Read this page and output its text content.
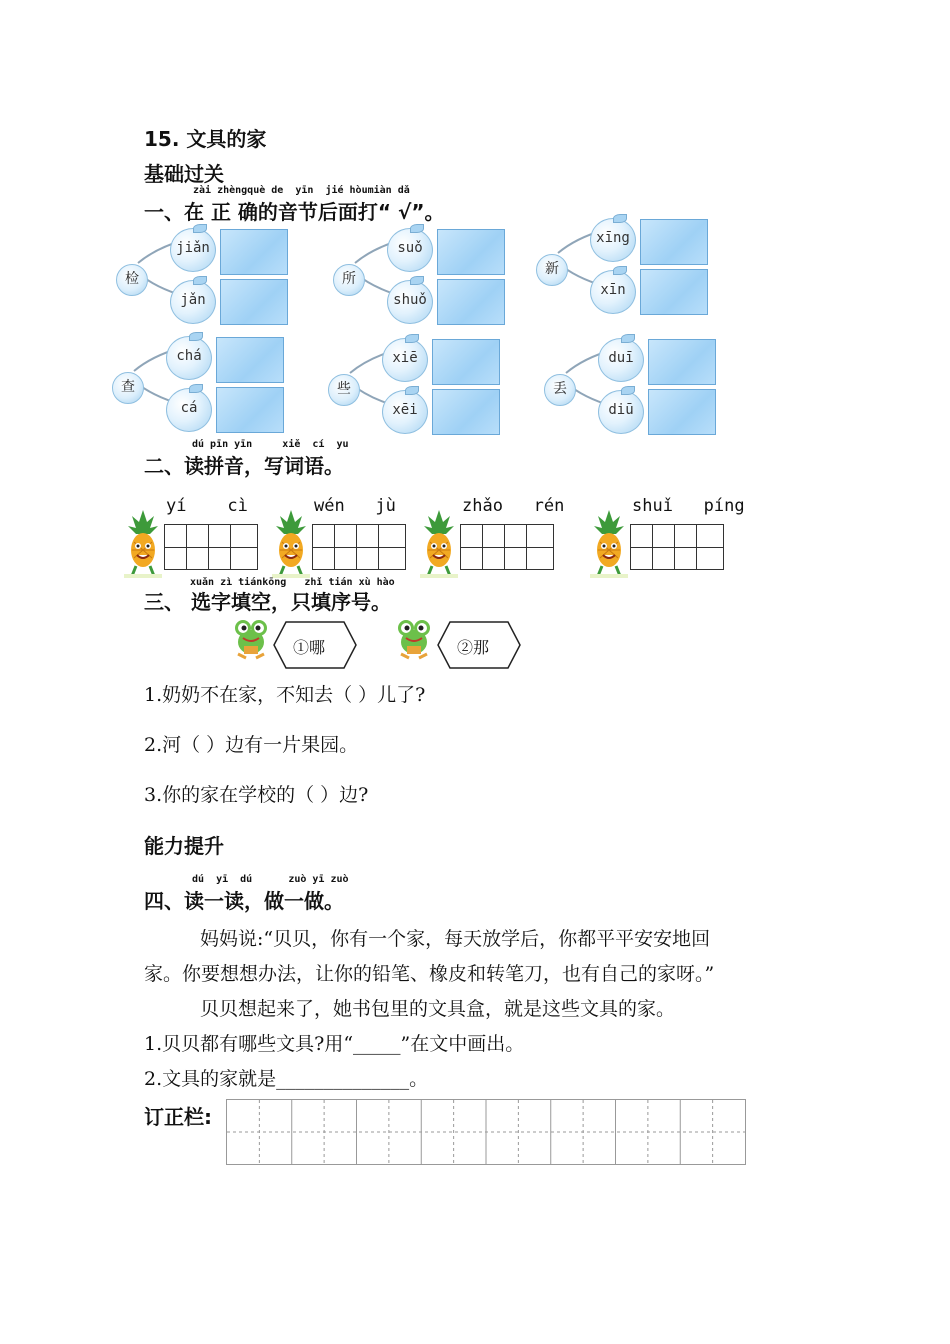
15. 文具的家
基础过关
zài zhèngquè de  yīn  jié hòumiàn dǎ
一、在 正 确的音节后面打“ √”。
检
jiǎn
jǎn
所
suǒ
shuǒ
新
xīng
xīn
查
chá
cá
些
xiē
xēi
丢
duī
diū
dú pīn yīn     xiě  cí  yu
二、读拼音，写词语。
yí    cì	wén   jù	zhǎo   rén	shuǐ   píng
xuǎn zì tiánkōng   zhǐ tián xù hào
三、 选字填空，只填序号。
①哪	②那
1.奶奶不在家，不知去（ ）儿了?
2.河（ ）边有一片果园。
3.你的家在学校的（ ）边?
能力提升
dú  yī  dú      zuò yī zuò
四、读一读，做一做。
妈妈说:“贝贝，你有一个家，每天放学后，你都平平安安地回
家。你要想想办法，让你的铅笔、橡皮和转笔刀，也有自己的家呀。”
贝贝想起来了，她书包里的文具盒，就是这些文具的家。
1.贝贝都有哪些文具?用“_____”在文中画出。
2.文具的家就是______________。
订正栏:
